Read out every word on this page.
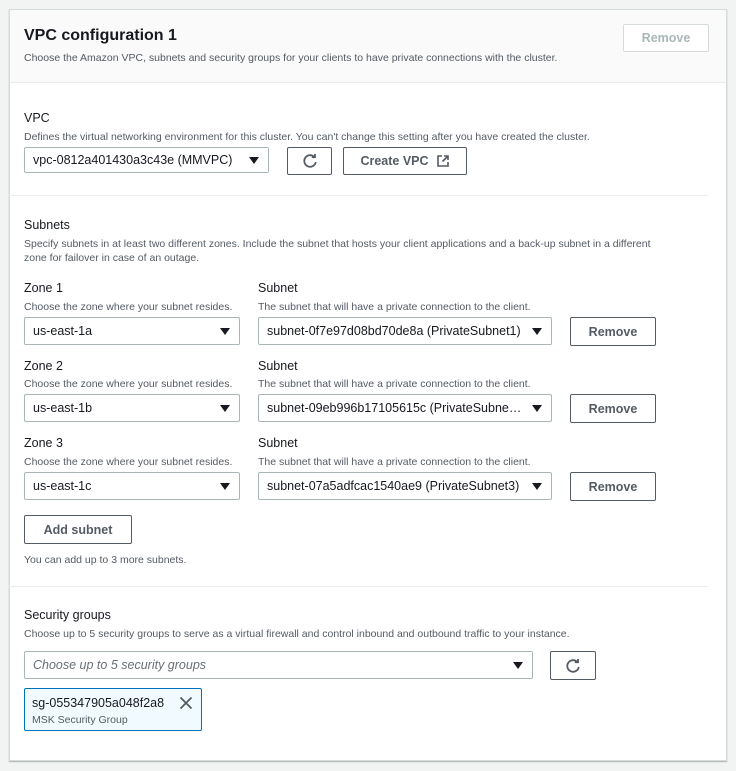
VPC configuration 1
Choose the Amazon VPC, subnets and security groups for your clients to have private connections with the cluster.
Remove
VPC
Defines the virtual networking environment for this cluster. You can't change this setting after you have created the cluster.
vpc-0812a401430a3c43e (MMVPC)	Create VPC
Subnets
Specify subnets in at least two different zones. Include the subnet that hosts your client applications and a back-up subnet in a different
zone for failover in case of an outage.
Zone 1
Choose the zone where your subnet resides.
us-east-1a
Subnet
The subnet that will have a private connection to the client.
subnet-0f7e97d08bd70de8a (PrivateSubnet1)	Remove
Zone 2
Choose the zone where your subnet resides.
us-east-1b
Subnet
The subnet that will have a private connection to the client.
subnet-09eb996b17105615c (PrivateSubnet2)	Remove
Zone 3
Choose the zone where your subnet resides.
us-east-1c
Subnet
The subnet that will have a private connection to the client.
subnet-07a5adfcac1540ae9 (PrivateSubnet3)	Remove
Add subnet
You can add up to 3 more subnets.
Security groups
Choose up to 5 security groups to serve as a virtual firewall and control inbound and outbound traffic to your instance.
Choose up to 5 security groups
sg-055347905a048f2a8
MSK Security Group
